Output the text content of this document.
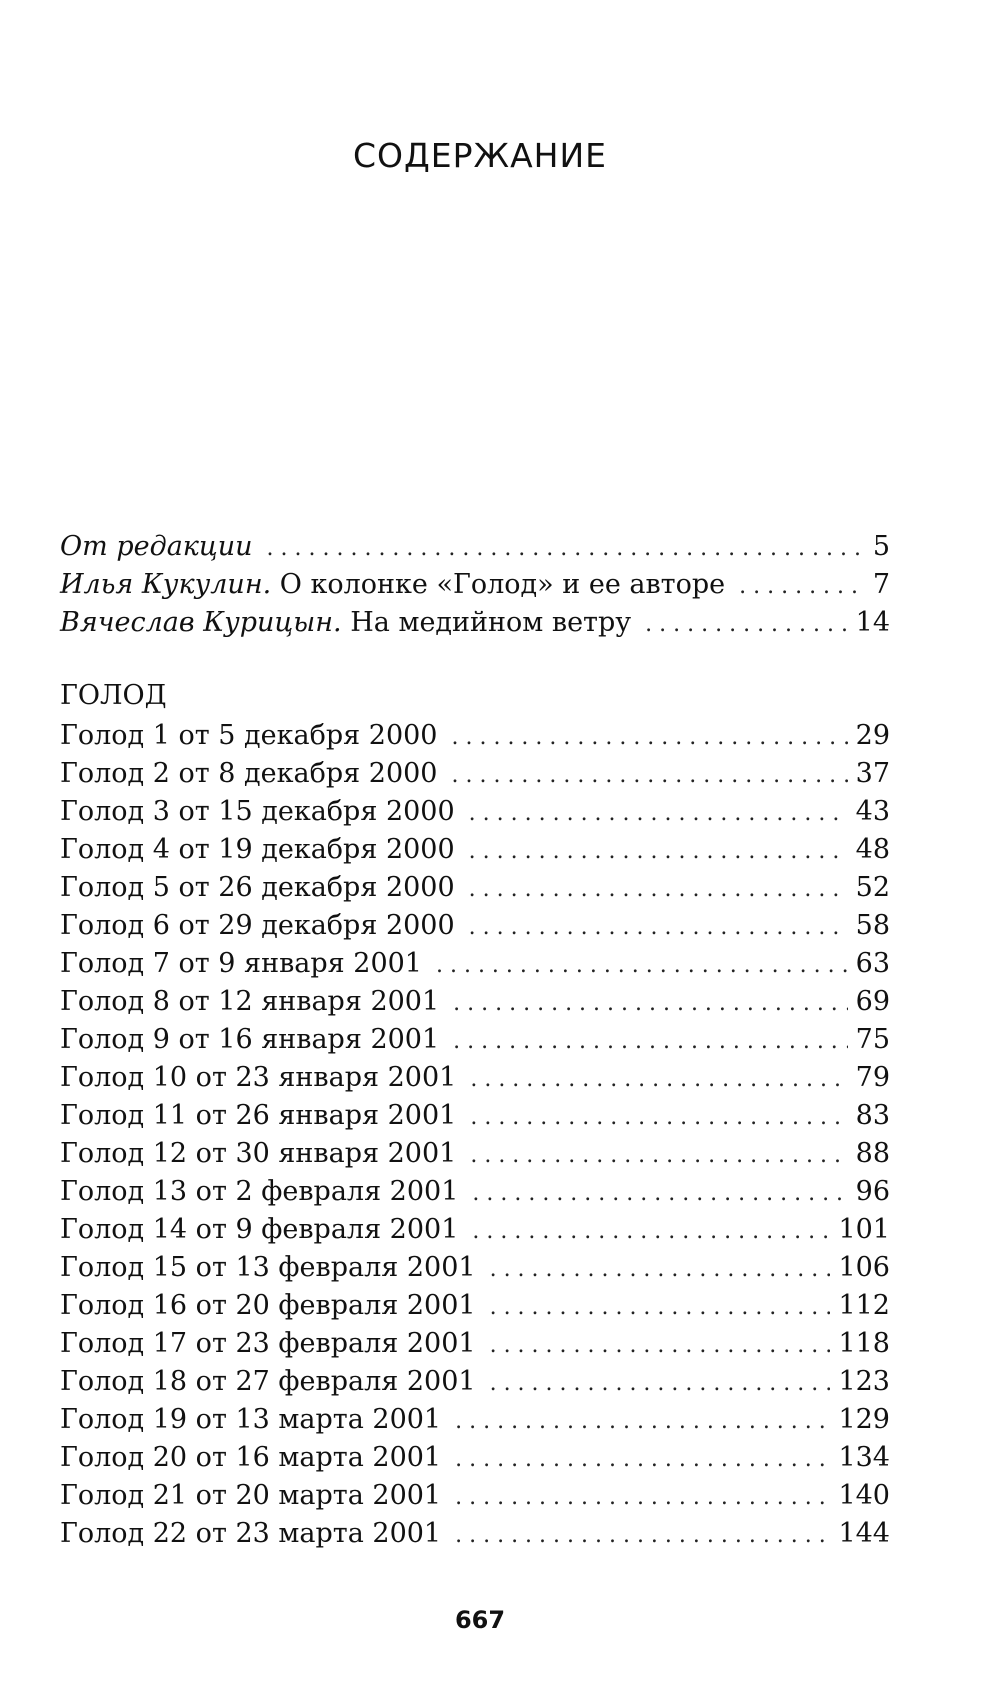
СОДЕРЖАНИЕ
От редакции . . .	5
Илья Кукулин. О колонке «Голод» и ее авторе . . .	7
Вячеслав Курицын. На медийном ветру . . .	14
ГОЛОД
Голод 1 от 5 декабря 2000 . . .	29
Голод 2 от 8 декабря 2000 . . .	37
Голод 3 от 15 декабря 2000 . . .	43
Голод 4 от 19 декабря 2000 . . .	48
Голод 5 от 26 декабря 2000 . . .	52
Голод 6 от 29 декабря 2000 . . .	58
Голод 7 от 9 января 2001 . . .	63
Голод 8 от 12 января 2001 . . .	69
Голод 9 от 16 января 2001 . . .	75
Голод 10 от 23 января 2001 . . .	79
Голод 11 от 26 января 2001 . . .	83
Голод 12 от 30 января 2001 . . .	88
Голод 13 от 2 февраля 2001 . . .	96
Голод 14 от 9 февраля 2001 . . .	101
Голод 15 от 13 февраля 2001 . . .	106
Голод 16 от 20 февраля 2001 . . .	112
Голод 17 от 23 февраля 2001 . . .	118
Голод 18 от 27 февраля 2001 . . .	123
Голод 19 от 13 марта 2001 . . .	129
Голод 20 от 16 марта 2001 . . .	134
Голод 21 от 20 марта 2001 . . .	140
Голод 22 от 23 марта 2001 . . .	144
667
